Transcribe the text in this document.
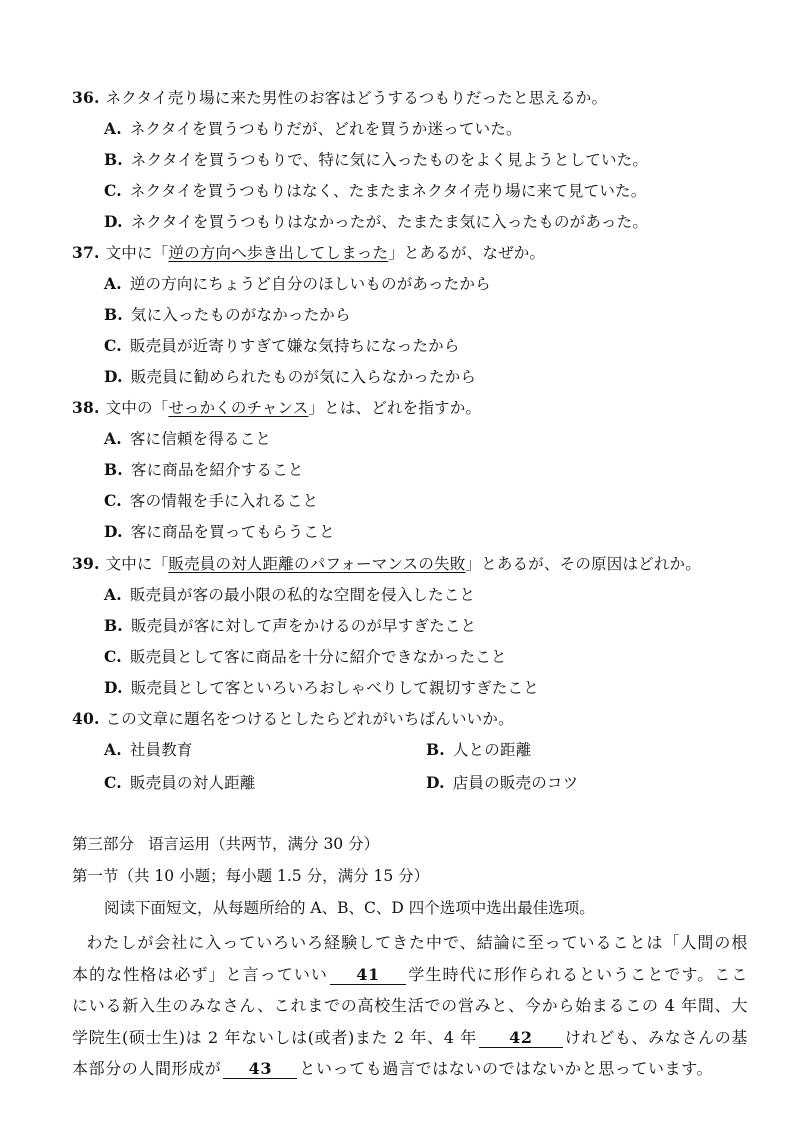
36. ネクタイ売り場に来た男性のお客はどうするつもりだったと思えるか。
A. ネクタイを買うつもりだが、どれを買うか迷っていた。
B. ネクタイを買うつもりで、特に気に入ったものをよく見ようとしていた。
C. ネクタイを買うつもりはなく、たまたまネクタイ売り場に来て見ていた。
D. ネクタイを買うつもりはなかったが、たまたま気に入ったものがあった。
37. 文中に「逆の方向へ歩き出してしまった」とあるが、なぜか。
A. 逆の方向にちょうど自分のほしいものがあったから
B. 気に入ったものがなかったから
C. 販売員が近寄りすぎて嫌な気持ちになったから
D. 販売員に勧められたものが気に入らなかったから
38. 文中の「せっかくのチャンス」とは、どれを指すか。
A. 客に信頼を得ること
B. 客に商品を紹介すること
C. 客の情報を手に入れること
D. 客に商品を買ってもらうこと
39. 文中に「販売員の対人距離のパフォーマンスの失敗」とあるが、その原因はどれか。
A. 販売員が客の最小限の私的な空間を侵入したこと
B. 販売員が客に対して声をかけるのが早すぎたこと
C. 販売員として客に商品を十分に紹介できなかったこと
D. 販売員として客といろいろおしゃべりして親切すぎたこと
40. この文章に題名をつけるとしたらどれがいちばんいいか。
A. 社員教育	B. 人との距離
C. 販売員の対人距離	D. 店員の販売のコツ
第三部分 语言运用（共两节，满分 30 分）
第一节（共 10 小题；每小题 1.5 分，满分 15 分）
阅读下面短文，从每题所给的 A、B、C、D 四个选项中选出最佳选项。
わたしが会社に入っていろいろ経験してきた中で、結論に至っていることは「人間の根本的な性格は必ず」と言っていい 41 学生時代に形作られるということです。ここにいる新入生のみなさん、これまでの高校生活での営みと、今から始まるこの 4 年間、大学院生(硕士生)は 2 年ないしは(或者)また 2 年、4 年 42 けれども、みなさんの基本部分の人間形成が 43 といっても過言ではないのではないかと思っています。
